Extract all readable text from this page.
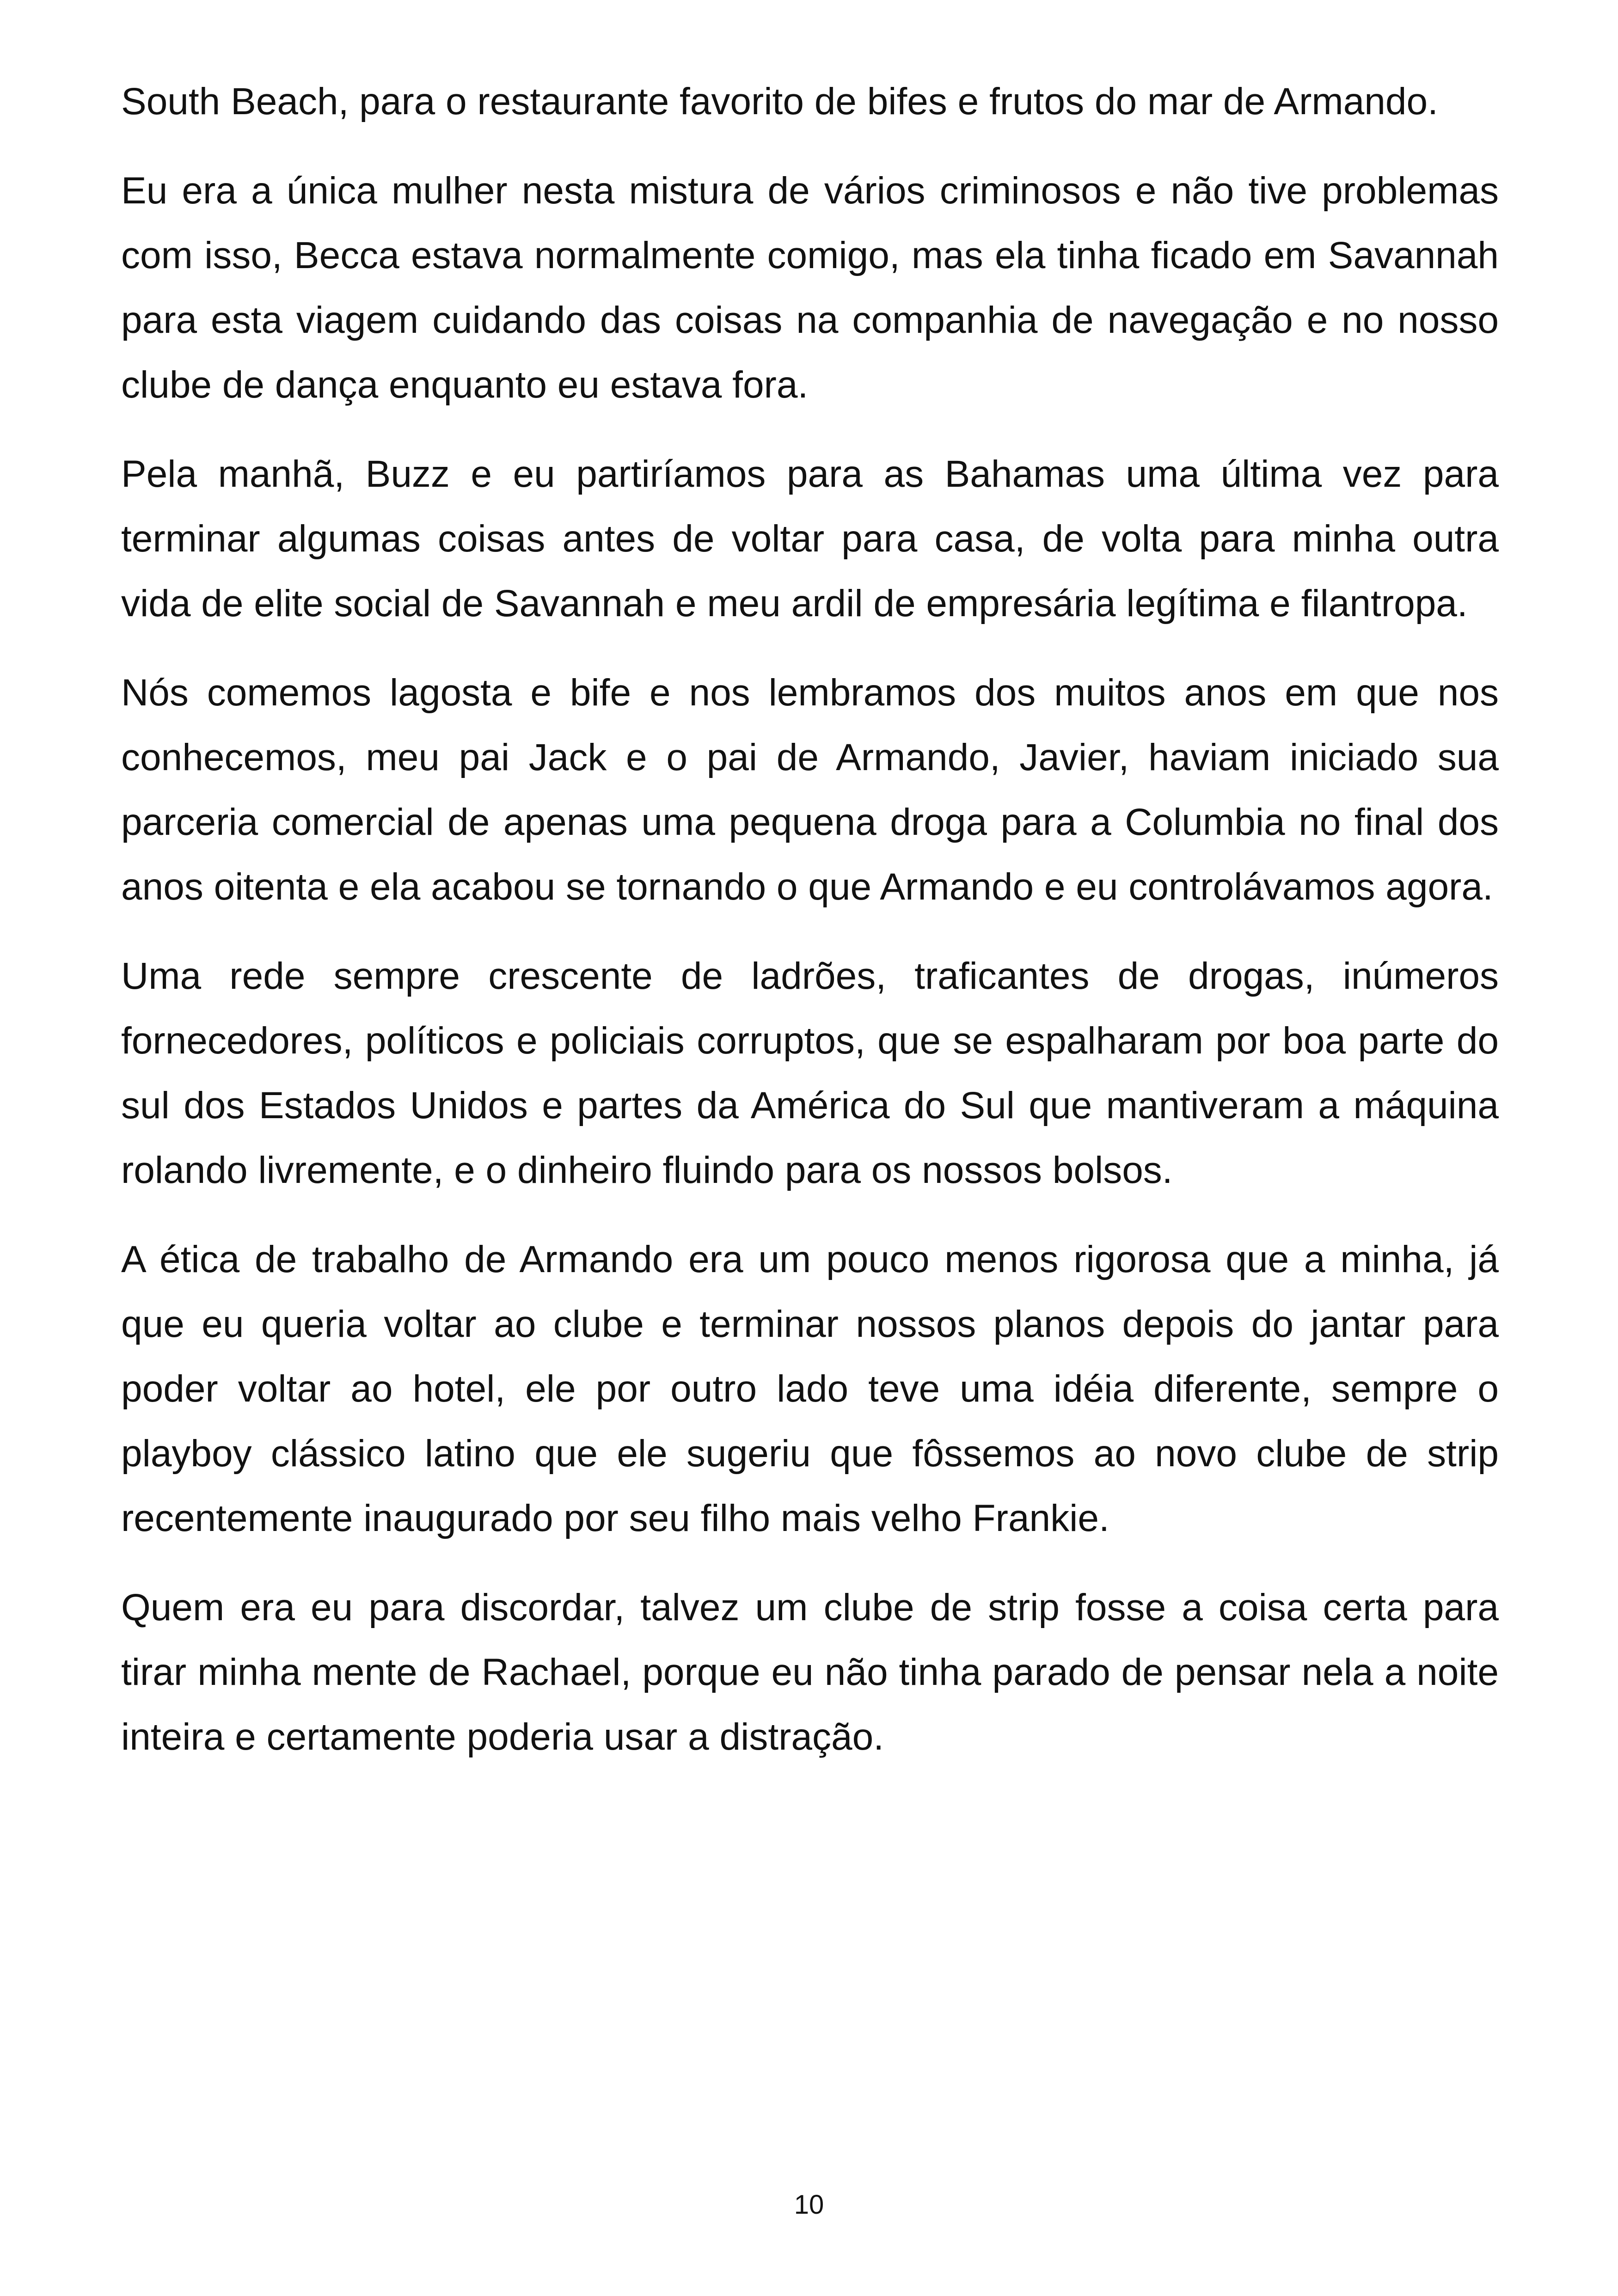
South Beach, para o restaurante favorito de bifes e frutos do mar de Armando.

Eu era a única mulher nesta mistura de vários criminosos e não tive problemas com isso, Becca estava normalmente comigo, mas ela tinha ficado em Savannah para esta viagem cuidando das coisas na companhia de navegação e no nosso clube de dança enquanto eu estava fora.

Pela manhã, Buzz e eu partiríamos para as Bahamas uma última vez para terminar algumas coisas antes de voltar para casa, de volta para minha outra vida de elite social de Savannah e meu ardil de empresária legítima e filantropa.

Nós comemos lagosta e bife e nos lembramos dos muitos anos em que nos conhecemos, meu pai Jack e o pai de Armando, Javier, haviam iniciado sua parceria comercial de apenas uma pequena droga para a Columbia no final dos anos oitenta e ela acabou se tornando o que Armando e eu controlávamos agora.

Uma rede sempre crescente de ladrões, traficantes de drogas, inúmeros fornecedores, políticos e policiais corruptos, que se espalharam por boa parte do sul dos Estados Unidos e partes da América do Sul que mantiveram a máquina rolando livremente, e o dinheiro fluindo para os nossos bolsos.

A ética de trabalho de Armando era um pouco menos rigorosa que a minha, já que eu queria voltar ao clube e terminar nossos planos depois do jantar para poder voltar ao hotel, ele por outro lado teve uma idéia diferente, sempre o playboy clássico latino que ele sugeriu que fôssemos ao novo clube de strip recentemente inaugurado por seu filho mais velho Frankie.

Quem era eu para discordar, talvez um clube de strip fosse a coisa certa para tirar minha mente de Rachael, porque eu não tinha parado de pensar nela a noite inteira e certamente poderia usar a distração.

10
